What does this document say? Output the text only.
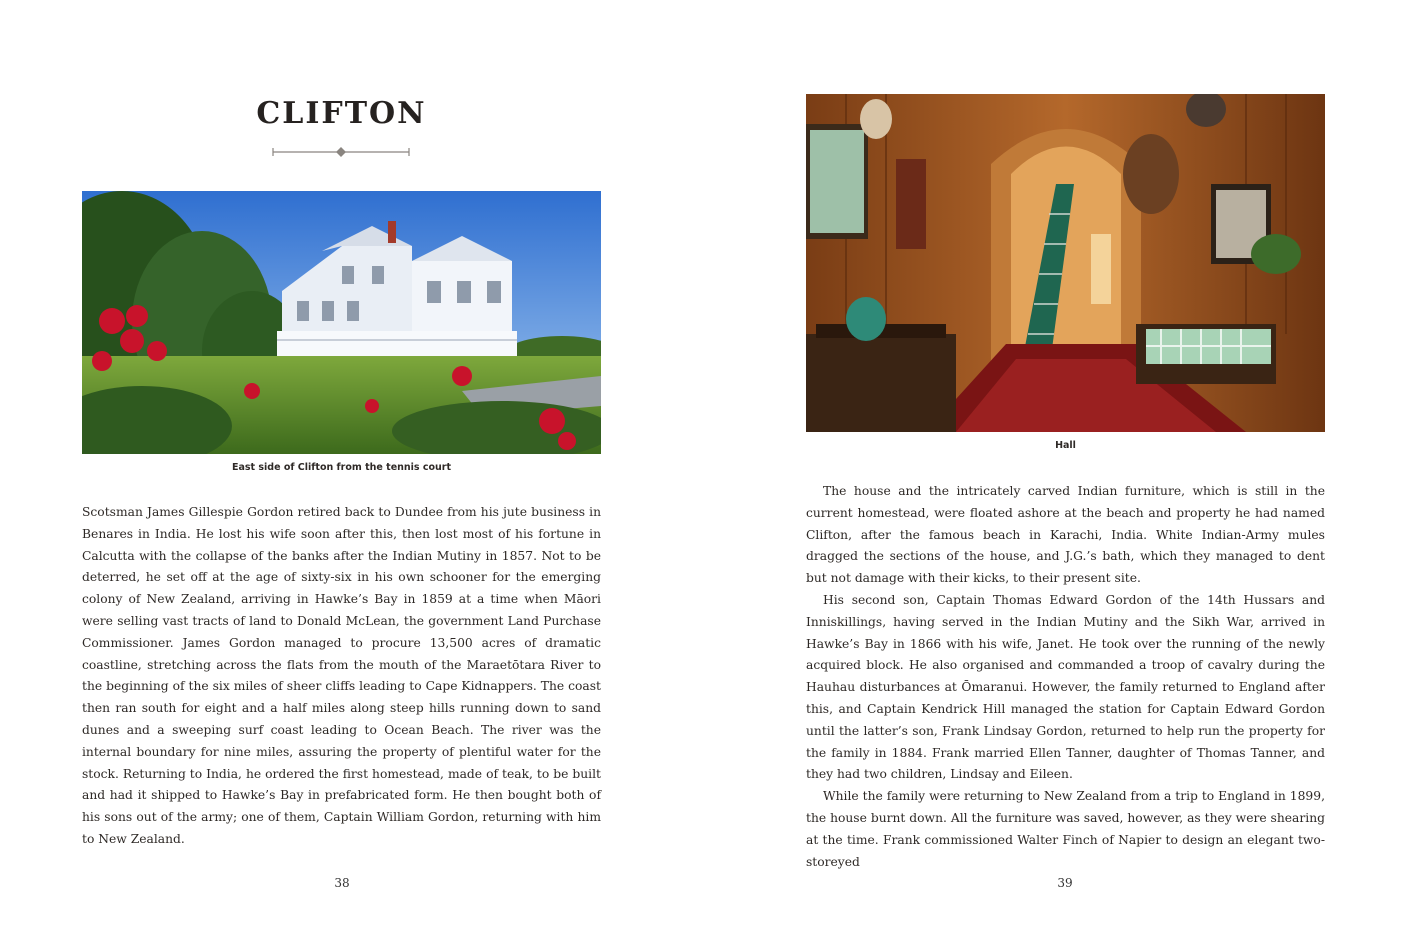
CLIFTON

East side of Clifton from the tennis court

Scotsman James Gillespie Gordon retired back to Dundee from his jute business in Benares in India. He lost his wife soon after this, then lost most of his fortune in Calcutta with the collapse of the banks after the Indian Mutiny in 1857. Not to be deterred, he set off at the age of sixty-six in his own schooner for the emerging colony of New Zealand, arriving in Hawke’s Bay in 1859 at a time when Māori were selling vast tracts of land to Donald McLean, the government Land Purchase Commissioner. James Gordon managed to procure 13,500 acres of dramatic coastline, stretching across the flats from the mouth of the Maraetōtara River to the beginning of the six miles of sheer cliffs leading to Cape Kidnappers. The coast then ran south for eight and a half miles along steep hills running down to sand dunes and a sweeping surf coast leading to Ocean Beach. The river was the internal boundary for nine miles, assuring the property of plentiful water for the stock. Returning to India, he ordered the first homestead, made of teak, to be built and had it shipped to Hawke’s Bay in prefabricated form. He then bought both of his sons out of the army; one of them, Captain William Gordon, returning with him to New Zealand.

38

Hall

The house and the intricately carved Indian furniture, which is still in the current homestead, were floated ashore at the beach and property he had named Clifton, after the famous beach in Karachi, India. White Indian-Army mules dragged the sections of the house, and J.G.’s bath, which they managed to dent but not damage with their kicks, to their present site.

His second son, Captain Thomas Edward Gordon of the 14th Hussars and Inniskillings, having served in the Indian Mutiny and the Sikh War, arrived in Hawke’s Bay in 1866 with his wife, Janet. He took over the running of the newly acquired block. He also organised and commanded a troop of cavalry during the Hauhau disturbances at Ōmaranui. However, the family returned to England after this, and Captain Kendrick Hill managed the station for Captain Edward Gordon until the latter’s son, Frank Lindsay Gordon, returned to help run the property for the family in 1884. Frank married Ellen Tanner, daughter of Thomas Tanner, and they had two children, Lindsay and Eileen.

While the family were returning to New Zealand from a trip to England in 1899, the house burnt down. All the furniture was saved, however, as they were shearing at the time. Frank commissioned Walter Finch of Napier to design an elegant two-storeyed

39
